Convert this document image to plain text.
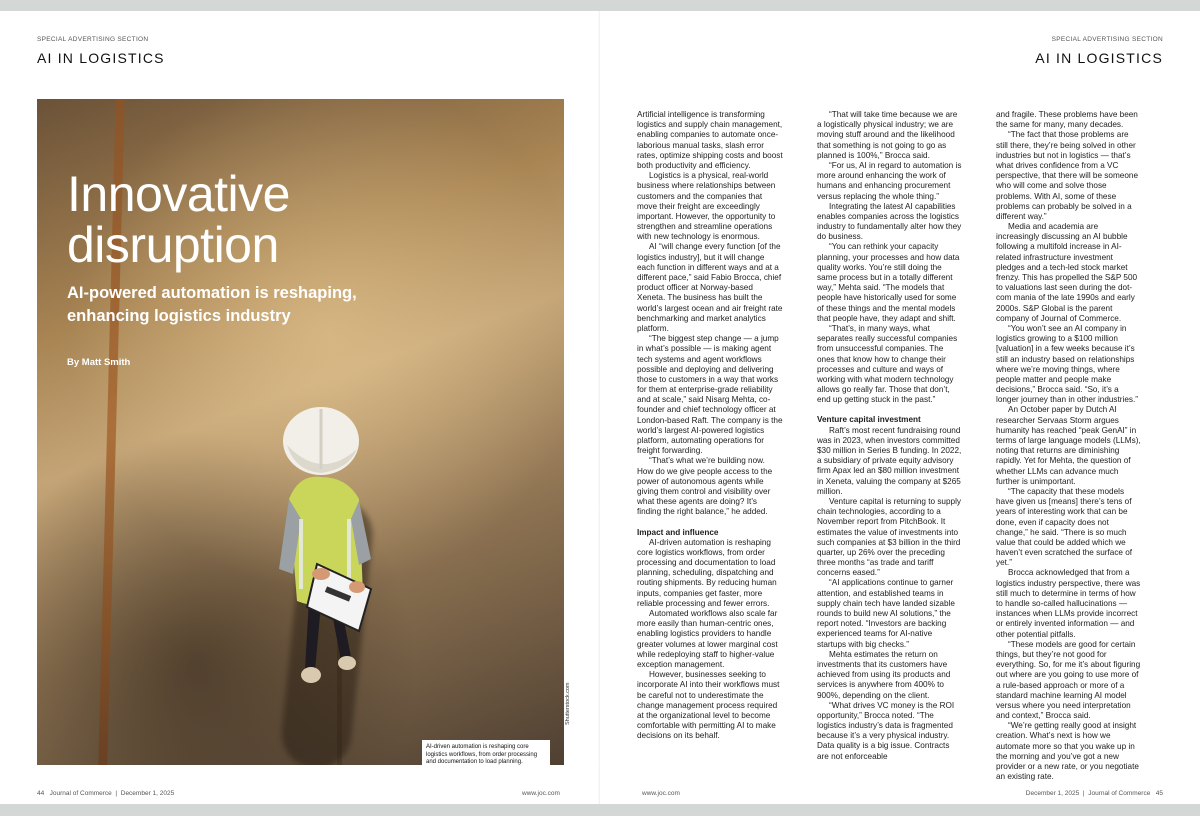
SPECIAL ADVERTISING SECTION
AI IN LOGISTICS
Innovative
disruption
AI-powered automation is reshaping, enhancing logistics industry
By Matt Smith
AI-driven automation is reshaping core logistics workflows, from order processing and documentation to load planning.
Shutterstock.com
44 Journal of Commerce | December 1, 2025	www.joc.com
SPECIAL ADVERTISING SECTION
AI IN LOGISTICS

Artificial intelligence is transforming logistics and supply chain management, enabling companies to automate once-laborious manual tasks, slash error rates, optimize shipping costs and boost both productivity and efficiency.

Logistics is a physical, real-world business where relationships between customers and the companies that move their freight are exceedingly important. However, the opportunity to strengthen and streamline operations with new technology is enormous.

AI “will change every function [of the logistics industry], but it will change each function in different ways and at a different pace,” said Fabio Brocca, chief product officer at Norway-based Xeneta. The business has built the world’s largest ocean and air freight rate benchmarking and market analytics platform.

“The biggest step change — a jump in what’s possible — is making agent tech systems and agent workflows possible and deploying and delivering those to customers in a way that works for them at enterprise-grade reliability and at scale,” said Nisarg Mehta, co-founder and chief technology officer at London-based Raft. The company is the world’s largest AI-powered logistics platform, automating operations for freight forwarding.

“That’s what we’re building now. How do we give people access to the power of autonomous agents while giving them control and visibility over what these agents are doing? It’s finding the right balance,” he added.

Impact and influence

AI-driven automation is reshaping core logistics workflows, from order processing and documentation to load planning, scheduling, dispatching and routing shipments. By reducing human inputs, companies get faster, more reliable processing and fewer errors.

Automated workflows also scale far more easily than human-centric ones, enabling logistics providers to handle greater volumes at lower marginal cost while redeploying staff to higher-value exception management.

However, businesses seeking to incorporate AI into their workflows must be careful not to underestimate the change management process required at the organizational level to become comfortable with permitting AI to make decisions on its behalf.

“That will take time because we are a logistically physical industry; we are moving stuff around and the likelihood that something is not going to go as planned is 100%,” Brocca said.

“For us, AI in regard to automation is more around enhancing the work of humans and enhancing procurement versus replacing the whole thing.”

Integrating the latest AI capabilities enables companies across the logistics industry to fundamentally alter how they do business.

“You can rethink your capacity planning, your processes and how data quality works. You’re still doing the same process but in a totally different way,” Mehta said. “The models that people have historically used for some of these things and the mental models that people have, they adapt and shift.

“That’s, in many ways, what separates really successful companies from unsuccessful companies. The ones that know how to change their processes and culture and ways of working with what modern technology allows go really far. Those that don’t, end up getting stuck in the past.”

Venture capital investment

Raft’s most recent fundraising round was in 2023, when investors committed $30 million in Series B funding. In 2022, a subsidiary of private equity advisory firm Apax led an $80 million investment in Xeneta, valuing the company at $265 million.

Venture capital is returning to supply chain technologies, according to a November report from PitchBook. It estimates the value of investments into such companies at $3 billion in the third quarter, up 26% over the preceding three months “as trade and tariff concerns eased.”

“AI applications continue to garner attention, and established teams in supply chain tech have landed sizable rounds to build new AI solutions,” the report noted. “Investors are backing experienced teams for AI-native startups with big checks.”

Mehta estimates the return on investments that its customers have achieved from using its products and services is anywhere from 400% to 900%, depending on the client.

“What drives VC money is the ROI opportunity,” Brocca noted. “The logistics industry’s data is fragmented because it’s a very physical industry. Data quality is a big issue. Contracts are not enforceable

and fragile. These problems have been the same for many, many decades.

“The fact that those problems are still there, they’re being solved in other industries but not in logistics — that’s what drives confidence from a VC perspective, that there will be someone who will come and solve those problems. With AI, some of these problems can probably be solved in a different way.”

Media and academia are increasingly discussing an AI bubble following a multifold increase in AI-related infrastructure investment pledges and a tech-led stock market frenzy. This has propelled the S&P 500 to valuations last seen during the dot-com mania of the late 1990s and early 2000s. S&P Global is the parent company of Journal of Commerce.

“You won’t see an AI company in logistics growing to a $100 million [valuation] in a few weeks because it’s still an industry based on relationships where we’re moving things, where people matter and people make decisions,” Brocca said. “So, it’s a longer journey than in other industries.”

An October paper by Dutch AI researcher Servaas Storm argues humanity has reached “peak GenAI” in terms of large language models (LLMs), noting that returns are diminishing rapidly. Yet for Mehta, the question of whether LLMs can advance much further is unimportant.

“The capacity that these models have given us [means] there’s tens of years of interesting work that can be done, even if capacity does not change,” he said. “There is so much value that could be added which we haven’t even scratched the surface of yet.”

Brocca acknowledged that from a logistics industry perspective, there was still much to determine in terms of how to handle so-called hallucinations — instances when LLMs provide incorrect or entirely invented information — and other potential pitfalls.

“These models are good for certain things, but they’re not good for everything. So, for me it’s about figuring out where are you going to use more of a rule-based approach or more of a standard machine learning AI model versus where you need interpretation and context,” Brocca said.

“We’re getting really good at insight creation. What’s next is how we automate more so that you wake up in the morning and you’ve got a new provider or a new rate, or you negotiate an existing rate.

www.joc.com	December 1, 2025 | Journal of Commerce 45
